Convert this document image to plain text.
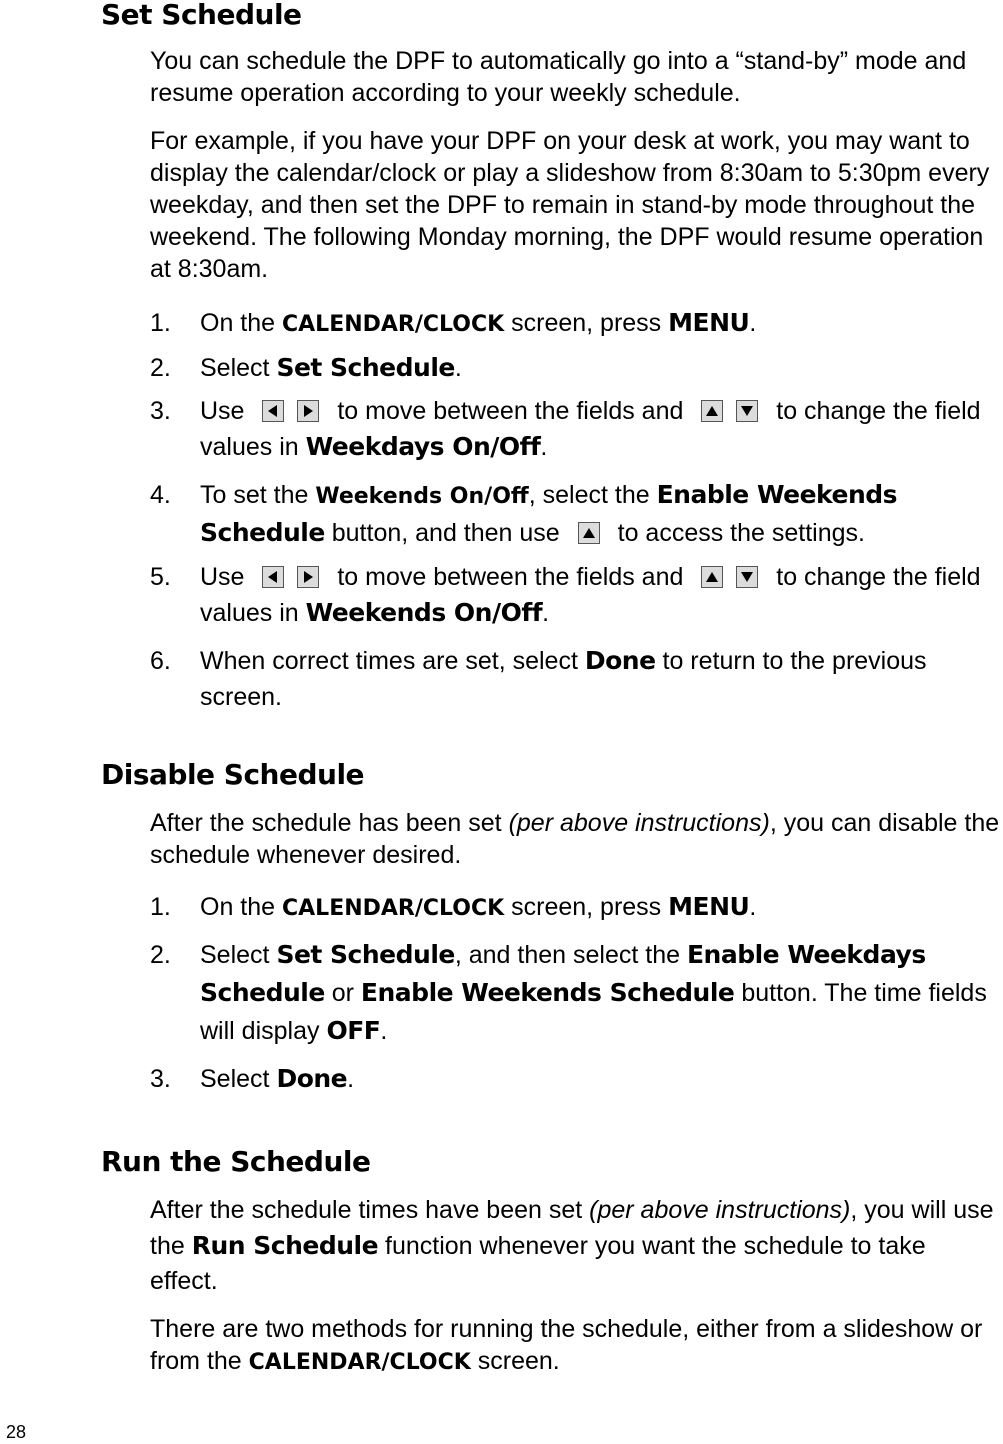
Set Schedule

You can schedule the DPF to automatically go into a “stand-by” mode and resume operation according to your weekly schedule.

For example, if you have your DPF on your desk at work, you may want to display the calendar/clock or play a slideshow from 8:30am to 5:30pm every weekday, and then set the DPF to remain in stand-by mode throughout the weekend. The following Monday morning, the DPF would resume operation at 8:30am.

1.	On the CALENDAR/CLOCK screen, press MENU.
2.	Select Set Schedule.
3.	Use
	to move between the fields and
	to change the field values in Weekdays On/Off.
4.	To set the Weekends On/Off, select the Enable Weekends Schedule button, and then use to access the settings.
5.	Use
	to move between the fields and
	to change the field values in Weekends On/Off.
6.	When correct times are set, select Done to return to the previous screen.
Disable Schedule

After the schedule has been set (per above instructions), you can disable the schedule whenever desired.

1.	On the CALENDAR/CLOCK screen, press MENU.
2.	Select Set Schedule, and then select the Enable Weekdays Schedule or Enable Weekends Schedule button. The time fields will display OFF.
3.	Select Done.
Run the Schedule

After the schedule times have been set (per above instructions), you will use the Run Schedule function whenever you want the schedule to take effect.

There are two methods for running the schedule, either from a slideshow or from the CALENDAR/CLOCK screen.

28
